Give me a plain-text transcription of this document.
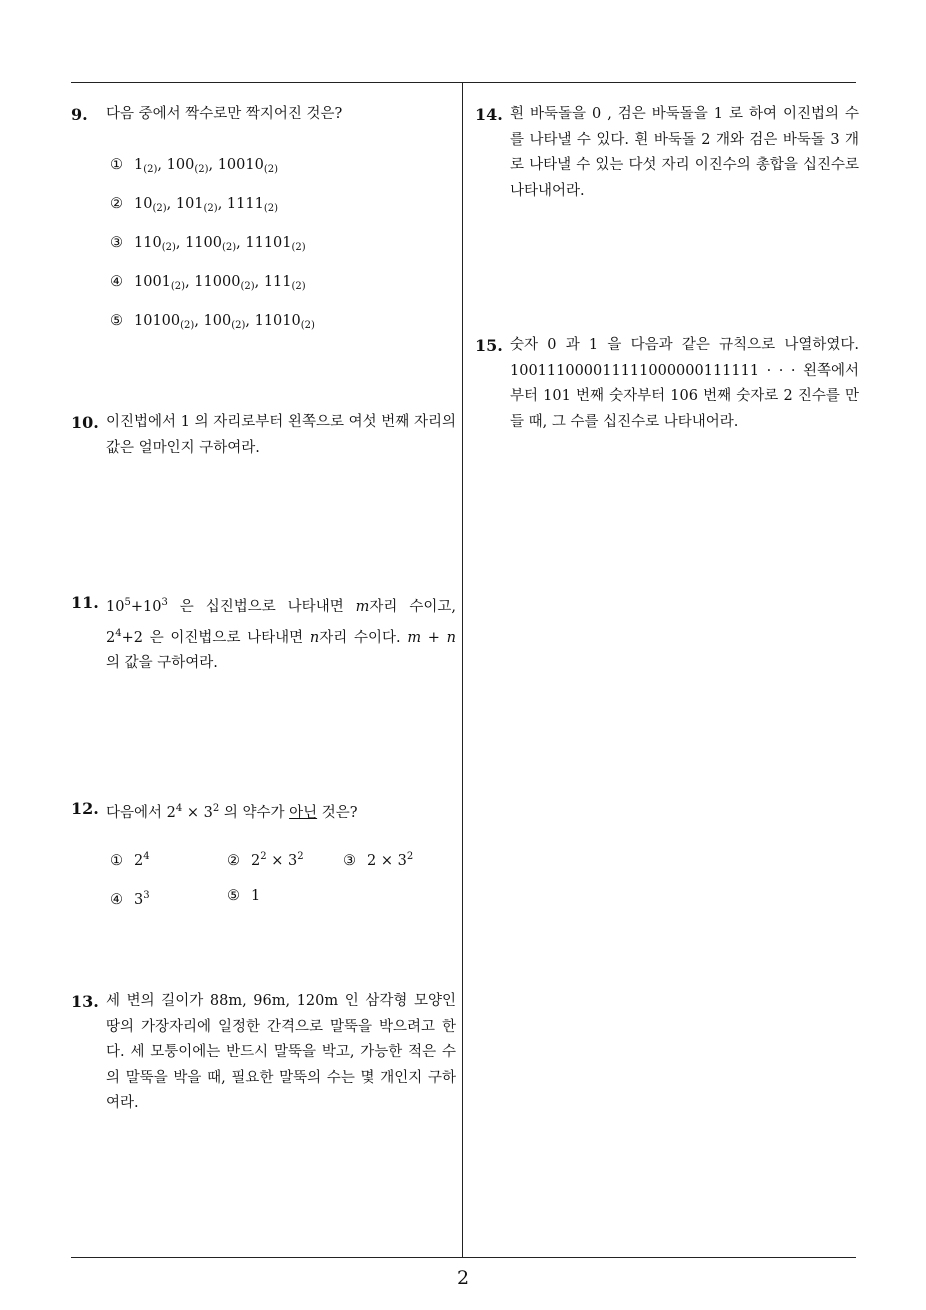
9. 다음 중에서 짝수로만 짝지어진 것은?
① $1_{(2)}$, $100_{(2)}$, $10010_{(2)}$
② $10_{(2)}$, $101_{(2)}$, $1111_{(2)}$
③ $110_{(2)}$, $1100_{(2)}$, $11101_{(2)}$
④ $1001_{(2)}$, $11000_{(2)}$, $111_{(2)}$
⑤ $10100_{(2)}$, $100_{(2)}$, $11010_{(2)}$
10. 이진법에서 1 의 자리로부터 왼쪽으로 여섯 번째 자리의 값은 얼마인지 구하여라.
11. $10^5+10^3$ 은 십진법으로 나타내면 m자리 수이고, $2^4+2$ 은 이진법으로 나타내면 n자리 수이다. m + n 의 값을 구하여라.
12. 다음에서 $2^4 \times 3^2$ 의 약수가 아닌 것은?
① $2^4$	② $2^2 \times 3^2$	③ $2 \times 3^2$
④ $3^3$	⑤ 1
13. 세 변의 길이가 88m, 96m, 120m 인 삼각형 모양인 땅의 가장자리에 일정한 간격으로 말뚝을 박으려고 한다. 세 모퉁이에는 반드시 말뚝을 박고, 가능한 적은 수의 말뚝을 박을 때, 필요한 말뚝의 수는 몇 개인지 구하여라.
14. 흰 바둑돌을 0 , 검은 바둑돌을 1 로 하여 이진법의 수를 나타낼 수 있다. 흰 바둑돌 2 개와 검은 바둑돌 3 개로 나타낼 수 있는 다섯 자리 이진수의 총합을 십진수로 나타내어라.
15. 숫자 0 과 1 을 다음과 같은 규칙으로 나열하였다. 100111000011111000000111111 · · · 왼쪽에서부터 101 번째 숫자부터 106 번째 숫자로 2 진수를 만들 때, 그 수를 십진수로 나타내어라.
2
